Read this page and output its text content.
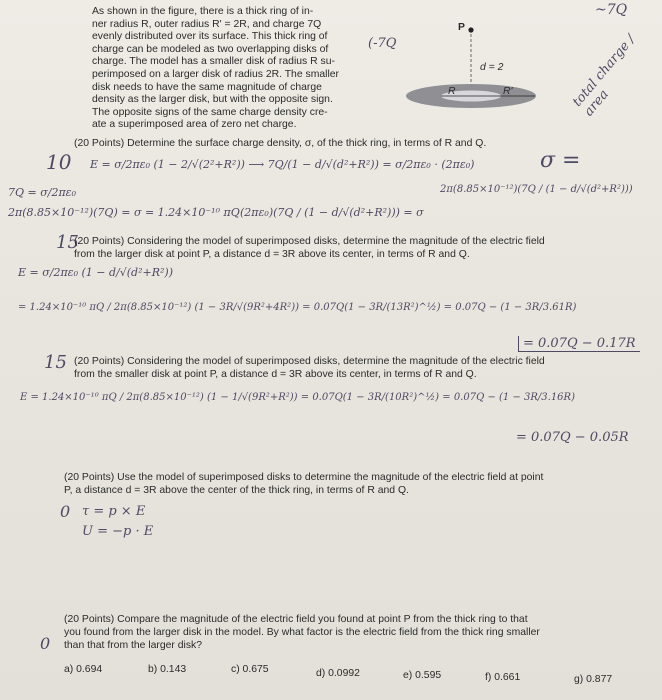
As shown in the figure, there is a thick ring of in-
ner radius R, outer radius R' = 2R, and charge 7Q
evenly distributed over its surface. This thick ring of
charge can be modeled as two overlapping disks of
charge. The model has a smaller disk of radius R su-
perimposed on a larger disk of radius 2R. The smaller
disk needs to have the same magnitude of charge
density as the larger disk, but with the opposite sign.
The opposite signs of the same charge density cre-
ate a superimposed area of zero net charge.
P
d = 2
R	R'
(-7Q
~7Q
total charge / area
σ =
(20 Points) Determine the surface charge density, σ, of the thick ring, in terms of R and Q.
10 E = σ/2πε₀ (1 − 2/√(2²+R²)) ⟶ 7Q/(1 − d/√(d²+R²)) = σ/2πε₀ · (2πε₀)
7Q = σ/2πε₀
2π(8.85×10⁻¹²)(7Q) = σ = 1.24×10⁻¹⁰ πQ (2πε₀)(7Q / (1 − d/√(d²+R²))) = σ
2π(8.85×10⁻¹²)(7Q / (1 − d/√(d²+R²)))
15
(20 Points) Considering the model of superimposed disks, determine the magnitude of the electric field
from the larger disk at point P, a distance d = 3R above its center, in terms of R and Q.
E = σ/2πε₀ (1 − d/√(d²+R²))
= 1.24×10⁻¹⁰ πQ / 2π(8.85×10⁻¹²) (1 − 3R/√(9R²+4R²)) = 0.07Q(1 − 3R/(13R²)^½) = 0.07Q − (1 − 3R/3.61R)
= 0.07Q − 0.17R
15 (20 Points) Considering the model of superimposed disks, determine the magnitude of the electric field
from the smaller disk at point P, a distance d = 3R above its center, in terms of R and Q.
E = 1.24×10⁻¹⁰ πQ / 2π(8.85×10⁻¹²) (1 − 1/√(9R²+R²)) = 0.07Q(1 − 3R/(10R²)^½) = 0.07Q − (1 − 3R/3.16R)
= 0.07Q − 0.05R
(20 Points) Use the model of superimposed disks to determine the magnitude of the electric field at point
P, a distance d = 3R above the center of the thick ring, in terms of R and Q.
0 τ = p × E
U = −p · E
(20 Points) Compare the magnitude of the electric field you found at point P from the thick ring to that
you found from the larger disk in the model. By what factor is the electric field from the thick ring smaller
than that from the larger disk?
0
a) 0.694	b) 0.143	c) 0.675	d) 0.0992	e) 0.595	f) 0.661	g) 0.877
